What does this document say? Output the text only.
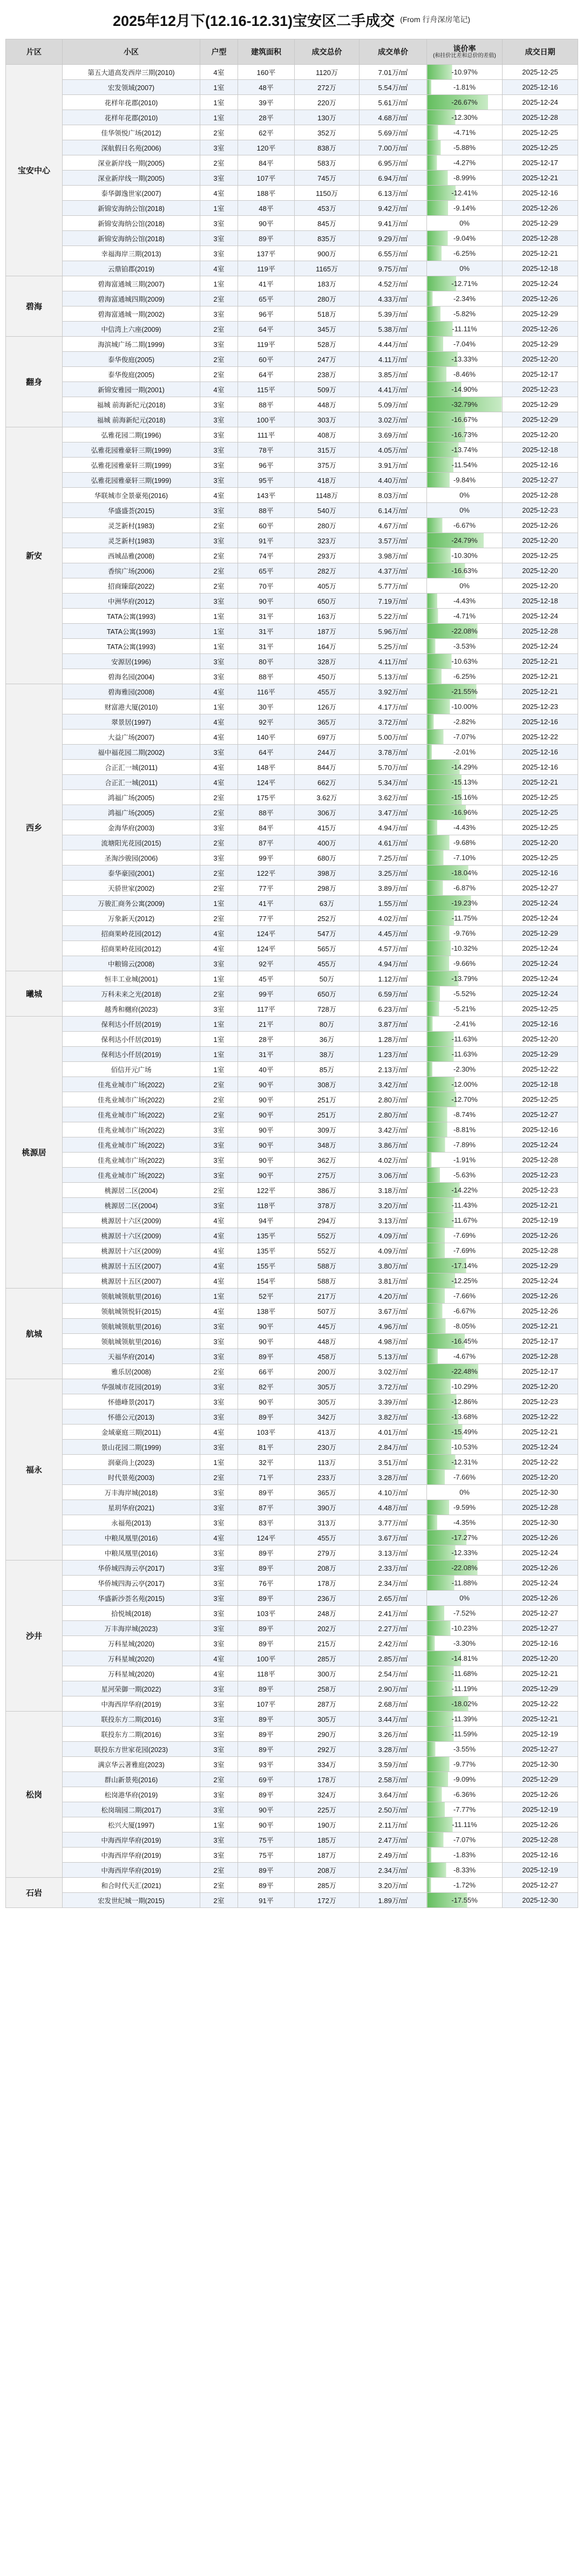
2025年12月下(12.16-12.31)宝安区二手成交 (From 行舟深房笔记)
片区	小区	户型	建筑面积	成交总价	成交单价	谈价率
(和挂价比差和总价的差值)	成交日期
宝安中心	第五大道高发西岸三期(2010)	4室	160平	1120万	7.01万/㎡	-10.97%	2025-12-25
	宏发领域(2007)	1室	48平	272万	5.54万/㎡	-1.81%	2025-12-16
	花样年花郡(2010)	1室	39平	220万	5.61万/㎡	-26.67%	2025-12-24
	花样年花郡(2010)	1室	28平	130万	4.68万/㎡	-12.30%	2025-12-28
	佳华领悦广场(2012)	2室	62平	352万	5.69万/㎡	-4.71%	2025-12-25
	深航假日名苑(2006)	3室	120平	838万	7.00万/㎡	-5.88%	2025-12-25
	深业新岸线一期(2005)	2室	84平	583万	6.95万/㎡	-4.27%	2025-12-17
	深业新岸线一期(2005)	3室	107平	745万	6.94万/㎡	-8.99%	2025-12-21
	泰华御逸世家(2007)	4室	188平	1150万	6.13万/㎡	-12.41%	2025-12-16
	新锦安海纳公馆(2018)	1室	48平	453万	9.42万/㎡	-9.14%	2025-12-26
	新锦安海纳公馆(2018)	3室	90平	845万	9.41万/㎡	0%	2025-12-29
	新锦安海纳公馆(2018)	3室	89平	835万	9.29万/㎡	-9.04%	2025-12-28
	幸福海岸三期(2013)	3室	137平	900万	6.55万/㎡	-6.25%	2025-12-21
	云鼎铂郡(2019)	4室	119平	1165万	9.75万/㎡	0%	2025-12-18
碧海	碧海富通城三期(2007)	1室	41平	183万	4.52万/㎡	-12.71%	2025-12-24
	碧海富通城四期(2009)	2室	65平	280万	4.33万/㎡	-2.34%	2025-12-26
	碧海富通城一期(2002)	3室	96平	518万	5.39万/㎡	-5.82%	2025-12-29
	中信湾上六座(2009)	2室	64平	345万	5.38万/㎡	-11.11%	2025-12-26
翻身	海滨城广场二期(1999)	3室	119平	528万	4.44万/㎡	-7.04%	2025-12-29
	泰华俊庭(2005)	2室	60平	247万	4.11万/㎡	-13.33%	2025-12-20
	泰华俊庭(2005)	2室	64平	238万	3.85万/㎡	-8.46%	2025-12-17
	新锦安雅园一期(2001)	4室	115平	509万	4.41万/㎡	-14.90%	2025-12-23
	福城 前海新纪元(2018)	3室	88平	448万	5.09万/㎡	-32.79%	2025-12-29
	福城 前海新纪元(2018)	3室	100平	303万	3.02万/㎡	-16.67%	2025-12-29
新安	弘雅花园二期(1996)	3室	111平	408万	3.69万/㎡	-16.73%	2025-12-20
	弘雅花园雅豪轩三期(1999)	3室	78平	315万	4.05万/㎡	-13.74%	2025-12-18
	弘雅花园雅豪轩三期(1999)	3室	96平	375万	3.91万/㎡	-11.54%	2025-12-16
	弘雅花园雅豪轩三期(1999)	3室	95平	418万	4.40万/㎡	-9.84%	2025-12-27
	华联城市全景豪苑(2016)	4室	143平	1148万	8.03万/㎡	0%	2025-12-28
	华盛盛荟(2015)	3室	88平	540万	6.14万/㎡	0%	2025-12-23
	灵芝新村(1983)	2室	60平	280万	4.67万/㎡	-6.67%	2025-12-26
	灵芝新村(1983)	3室	91平	323万	3.57万/㎡	-24.79%	2025-12-20
	西城品雅(2008)	2室	74平	293万	3.98万/㎡	-10.30%	2025-12-25
	香缤广场(2006)	2室	65平	282万	4.37万/㎡	-16.63%	2025-12-20
	招商臻邸(2022)	2室	70平	405万	5.77万/㎡	0%	2025-12-20
	中洲华府(2012)	3室	90平	650万	7.19万/㎡	-4.43%	2025-12-18
	TATA公寓(1993)	1室	31平	163万	5.22万/㎡	-4.71%	2025-12-24
	TATA公寓(1993)	1室	31平	187万	5.96万/㎡	-22.08%	2025-12-28
	TATA公寓(1993)	1室	31平	164万	5.25万/㎡	-3.53%	2025-12-24
	安源居(1996)	3室	80平	328万	4.11万/㎡	-10.63%	2025-12-21
	碧海名园(2004)	3室	88平	450万	5.13万/㎡	-6.25%	2025-12-21
西乡	碧海雅园(2008)	4室	116平	455万	3.92万/㎡	-21.55%	2025-12-21
	财富港大厦(2010)	1室	30平	126万	4.17万/㎡	-10.00%	2025-12-23
	翠景居(1997)	4室	92平	365万	3.72万/㎡	-2.82%	2025-12-16
	大益广场(2007)	4室	140平	697万	5.00万/㎡	-7.07%	2025-12-22
	福中福花园二期(2002)	3室	64平	244万	3.78万/㎡	-2.01%	2025-12-16
	合正汇一城(2011)	4室	148平	844万	5.70万/㎡	-14.29%	2025-12-16
	合正汇一城(2011)	4室	124平	662万	5.34万/㎡	-15.13%	2025-12-21
	鸿福广场(2005)	2室	175平	3.62万	3.62万/㎡	-15.16%	2025-12-25
	鸿福广场(2005)	2室	88平	306万	3.47万/㎡	-16.96%	2025-12-25
	金海华府(2003)	3室	84平	415万	4.94万/㎡	-4.43%	2025-12-25
	流塘阳光花园(2015)	2室	87平	400万	4.61万/㎡	-9.68%	2025-12-20
	圣淘沙骏园(2006)	3室	99平	680万	7.25万/㎡	-7.10%	2025-12-25
	泰华豪园(2001)	2室	122平	398万	3.25万/㎡	-18.04%	2025-12-16
	天骄世家(2002)	2室	77平	298万	3.89万/㎡	-6.87%	2025-12-27
	万骏汇商务公寓(2009)	1室	41平	63万	1.55万/㎡	-19.23%	2025-12-24
	万象新天(2012)	2室	77平	252万	4.02万/㎡	-11.75%	2025-12-24
	招商果岭花园(2012)	4室	124平	547万	4.45万/㎡	-9.76%	2025-12-29
	招商果岭花园(2012)	4室	124平	565万	4.57万/㎡	-10.32%	2025-12-24
	中粮锦云(2008)	3室	92平	455万	4.94万/㎡	-9.66%	2025-12-24
曦城	恒丰工业城(2001)	1室	45平	50万	1.12万/㎡	-13.79%	2025-12-24
	万科未来之光(2018)	2室	99平	650万	6.59万/㎡	-5.52%	2025-12-24
	越秀和樾府(2023)	3室	117平	728万	6.23万/㎡	-5.21%	2025-12-25
桃源居	保利达小仟居(2019)	1室	21平	80万	3.87万/㎡	-2.41%	2025-12-16
	保利达小仟居(2019)	1室	28平	36万	1.28万/㎡	-11.63%	2025-12-20
	保利达小仟居(2019)	1室	31平	38万	1.23万/㎡	-11.63%	2025-12-29
	佰信开元广场	1室	40平	85万	2.13万/㎡	-2.30%	2025-12-22
	佳兆业城市广场(2022)	2室	90平	308万	3.42万/㎡	-12.00%	2025-12-18
	佳兆业城市广场(2022)	2室	90平	251万	2.80万/㎡	-12.70%	2025-12-25
	佳兆业城市广场(2022)	2室	90平	251万	2.80万/㎡	-8.74%	2025-12-27
	佳兆业城市广场(2022)	3室	90平	309万	3.42万/㎡	-8.81%	2025-12-16
	佳兆业城市广场(2022)	3室	90平	348万	3.86万/㎡	-7.89%	2025-12-24
	佳兆业城市广场(2022)	3室	90平	362万	4.02万/㎡	-1.91%	2025-12-28
	佳兆业城市广场(2022)	3室	90平	275万	3.06万/㎡	-5.63%	2025-12-23
	桃源居二区(2004)	2室	122平	386万	3.18万/㎡	-14.22%	2025-12-23
	桃源居二区(2004)	3室	118平	378万	3.20万/㎡	-11.43%	2025-12-21
	桃源居十六区(2009)	4室	94平	294万	3.13万/㎡	-11.67%	2025-12-19
	桃源居十六区(2009)	4室	135平	552万	4.09万/㎡	-7.69%	2025-12-26
	桃源居十六区(2009)	4室	135平	552万	4.09万/㎡	-7.69%	2025-12-28
	桃源居十五区(2007)	4室	155平	588万	3.80万/㎡	-17.14%	2025-12-29
	桃源居十五区(2007)	4室	154平	588万	3.81万/㎡	-12.25%	2025-12-24
航城	领航城领航里(2016)	1室	52平	217万	4.20万/㎡	-7.66%	2025-12-26
	领航城领悦轩(2015)	4室	138平	507万	3.67万/㎡	-6.67%	2025-12-26
	领航城领航里(2016)	3室	90平	445万	4.96万/㎡	-8.05%	2025-12-21
	领航城领航里(2016)	3室	90平	448万	4.98万/㎡	-16.45%	2025-12-17
	天福华府(2014)	3室	89平	458万	5.13万/㎡	-4.67%	2025-12-28
	雅乐居(2008)	2室	66平	200万	3.02万/㎡	-22.48%	2025-12-17
福永	华强城市花园(2019)	3室	82平	305万	3.72万/㎡	-10.29%	2025-12-20
	怀德峰景(2017)	3室	90平	305万	3.39万/㎡	-12.86%	2025-12-23
	怀德公元(2013)	3室	89平	342万	3.82万/㎡	-13.68%	2025-12-22
	金域豪庭三期(2011)	4室	103平	413万	4.01万/㎡	-15.49%	2025-12-21
	景山花园二期(1999)	3室	81平	230万	2.84万/㎡	-10.53%	2025-12-24
	润豪尚上(2023)	1室	32平	113万	3.51万/㎡	-12.31%	2025-12-22
	时代景苑(2003)	2室	71平	233万	3.28万/㎡	-7.66%	2025-12-20
	万丰海岸城(2018)	3室	89平	365万	4.10万/㎡	0%	2025-12-30
	星玥华府(2021)	3室	87平	390万	4.48万/㎡	-9.59%	2025-12-28
	永福苑(2013)	3室	83平	313万	3.77万/㎡	-4.35%	2025-12-30
	中粮凤凰里(2016)	4室	124平	455万	3.67万/㎡	-17.27%	2025-12-26
	中粮凤凰里(2016)	3室	89平	279万	3.13万/㎡	-12.33%	2025-12-24
沙井	华侨城四海云亭(2017)	3室	89平	208万	2.33万/㎡	-22.08%	2025-12-26
	华侨城四海云亭(2017)	3室	76平	178万	2.34万/㎡	-11.88%	2025-12-24
	华盛新沙荟名苑(2015)	3室	89平	236万	2.65万/㎡	0%	2025-12-26
	拾悦城(2018)	3室	103平	248万	2.41万/㎡	-7.52%	2025-12-27
	万丰海岸城(2023)	3室	89平	202万	2.27万/㎡	-10.23%	2025-12-27
	万科星城(2020)	3室	89平	215万	2.42万/㎡	-3.30%	2025-12-16
	万科星城(2020)	4室	100平	285万	2.85万/㎡	-14.81%	2025-12-20
	万科星城(2020)	4室	118平	300万	2.54万/㎡	-11.68%	2025-12-21
	星河荣御一期(2022)	3室	89平	258万	2.90万/㎡	-11.19%	2025-12-29
	中海西岸华府(2019)	3室	107平	287万	2.68万/㎡	-18.02%	2025-12-22
松岗	联投东方二期(2016)	3室	89平	305万	3.44万/㎡	-11.39%	2025-12-21
	联投东方二期(2016)	3室	89平	290万	3.26万/㎡	-11.59%	2025-12-19
	联投东方世家花园(2023)	3室	89平	292万	3.28万/㎡	-3.55%	2025-12-27
	满京华云著雅庭(2023)	3室	93平	334万	3.59万/㎡	-9.77%	2025-12-30
	群山新景苑(2016)	2室	69平	178万	2.58万/㎡	-9.09%	2025-12-29
	松岗港华府(2019)	3室	89平	324万	3.64万/㎡	-6.36%	2025-12-26
	松岗瑞园二期(2017)	3室	90平	225万	2.50万/㎡	-7.77%	2025-12-19
	松兴大厦(1997)	1室	90平	190万	2.11万/㎡	-11.11%	2025-12-26
	中海西岸华府(2019)	3室	75平	185万	2.47万/㎡	-7.07%	2025-12-28
	中海西岸华府(2019)	3室	75平	187万	2.49万/㎡	-1.83%	2025-12-16
	中海西岸华府(2019)	2室	89平	208万	2.34万/㎡	-8.33%	2025-12-19
石岩	和合时代天汇(2021)	2室	89平	285万	3.20万/㎡	-1.72%	2025-12-27
	宏发世纪城一期(2015)	2室	91平	172万	1.89万/㎡	-17.55%	2025-12-30
